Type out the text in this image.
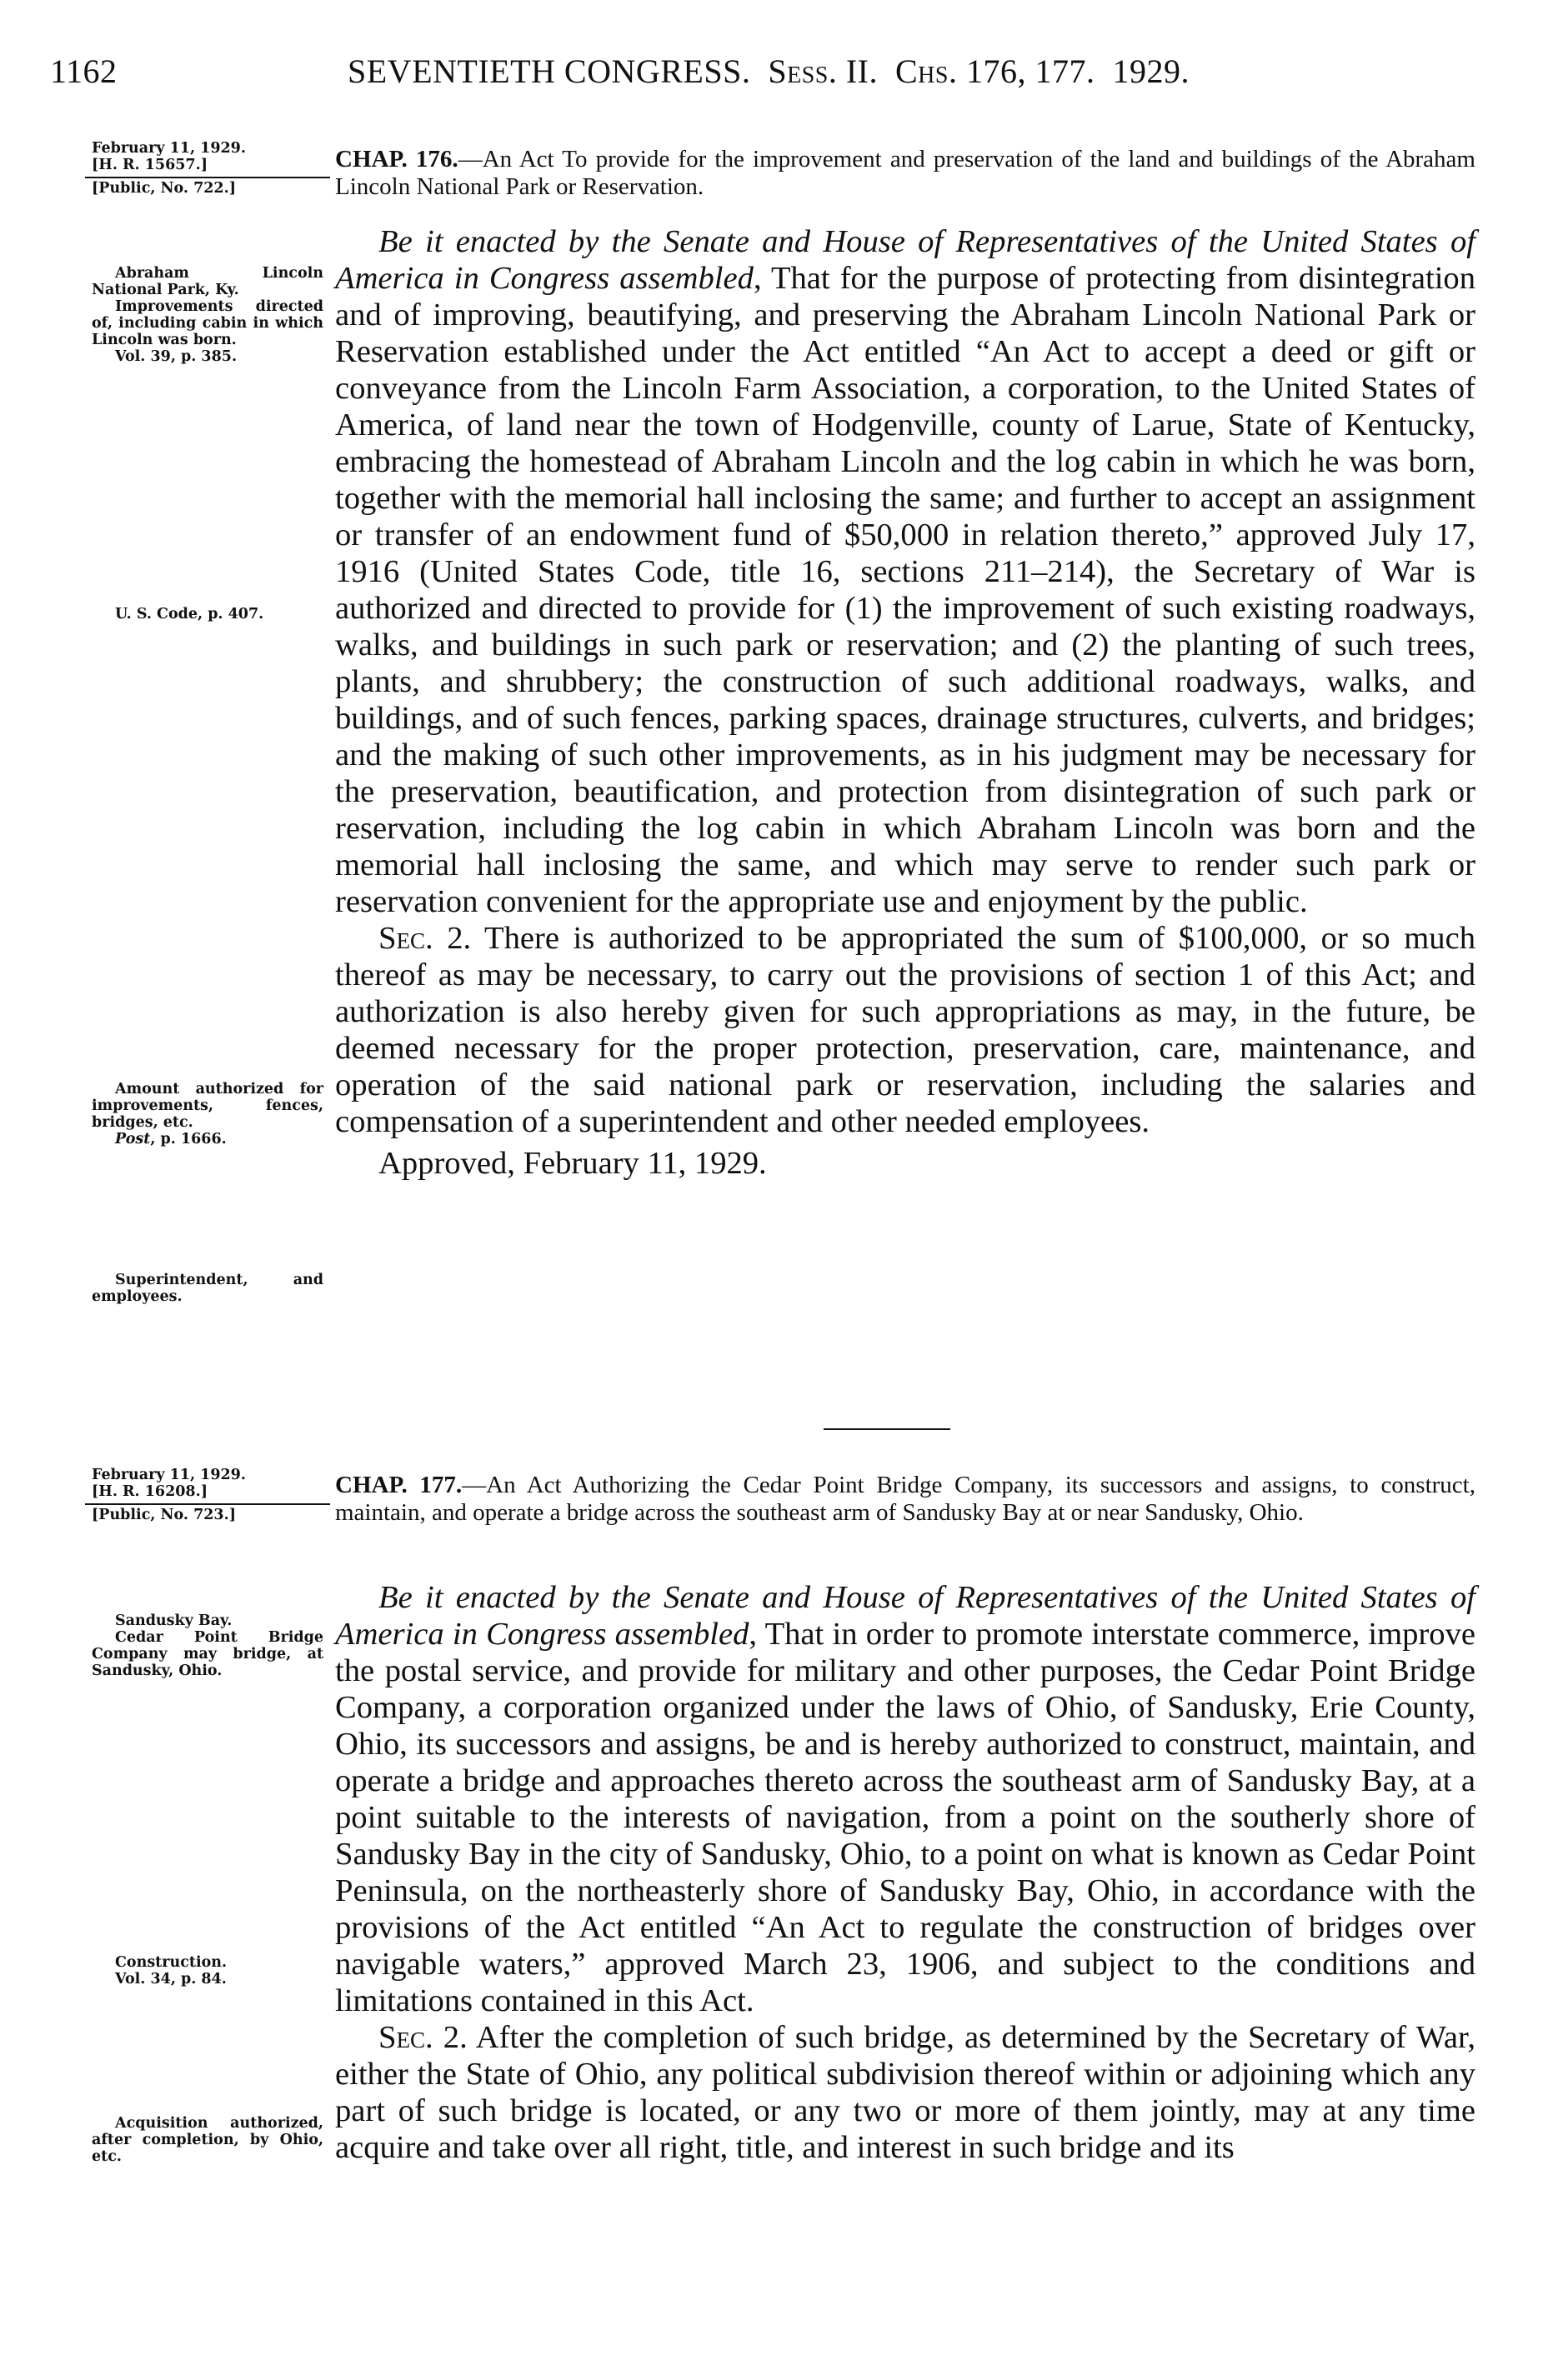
1162	SEVENTIETH CONGRESS. Sess. II. Chs. 176, 177. 1929.

February 11, 1929.

[H. R. 15657.]

[Public, No. 722.]

CHAP. 176.—An Act To provide for the improvement and preservation of the land and buildings of the Abraham Lincoln National Park or Reservation.

Abraham Lincoln National Park, Ky.

Improvements directed of, including cabin in which Lincoln was born.

Vol. 39, p. 385.

U. S. Code, p. 407.

Amount authorized for improvements, fences, bridges, etc.

Post, p. 1666.

Superintendent, and employees.

Be it enacted by the Senate and House of Representatives of the United States of America in Congress assembled, That for the purpose of protecting from disintegration and of improving, beautifying, and preserving the Abraham Lincoln National Park or Reservation established under the Act entitled “An Act to accept a deed or gift or conveyance from the Lincoln Farm Association, a corporation, to the United States of America, of land near the town of Hodgenville, county of Larue, State of Kentucky, embracing the homestead of Abraham Lincoln and the log cabin in which he was born, together with the memorial hall inclosing the same; and further to accept an assignment or transfer of an endowment fund of $50,000 in relation thereto,” approved July 17, 1916 (United States Code, title 16, sections 211–214), the Secretary of War is authorized and directed to provide for (1) the improvement of such existing roadways, walks, and buildings in such park or reservation; and (2) the planting of such trees, plants, and shrubbery; the construction of such additional roadways, walks, and buildings, and of such fences, parking spaces, drainage structures, culverts, and bridges; and the making of such other improvements, as in his judgment may be necessary for the preservation, beautification, and protection from disintegration of such park or reservation, including the log cabin in which Abraham Lincoln was born and the memorial hall inclosing the same, and which may serve to render such park or reservation convenient for the appropriate use and enjoyment by the public.

Sec. 2. There is authorized to be appropriated the sum of $100,000, or so much thereof as may be necessary, to carry out the provisions of section 1 of this Act; and authorization is also hereby given for such appropriations as may, in the future, be deemed necessary for the proper protection, preservation, care, maintenance, and operation of the said national park or reservation, including the salaries and compensation of a superintendent and other needed employees.

Approved, February 11, 1929.

February 11, 1929.

[H. R. 16208.]

[Public, No. 723.]

CHAP. 177.—An Act Authorizing the Cedar Point Bridge Company, its successors and assigns, to construct, maintain, and operate a bridge across the southeast arm of Sandusky Bay at or near Sandusky, Ohio.

Sandusky Bay.

Cedar Point Bridge Company may bridge, at Sandusky, Ohio.

Construction.

Vol. 34, p. 84.

Acquisition authorized, after completion, by Ohio, etc.

Be it enacted by the Senate and House of Representatives of the United States of America in Congress assembled, That in order to promote interstate commerce, improve the postal service, and provide for military and other purposes, the Cedar Point Bridge Company, a corporation organized under the laws of Ohio, of Sandusky, Erie County, Ohio, its successors and assigns, be and is hereby authorized to construct, maintain, and operate a bridge and approaches thereto across the southeast arm of Sandusky Bay, at a point suitable to the interests of navigation, from a point on the southerly shore of Sandusky Bay in the city of Sandusky, Ohio, to a point on what is known as Cedar Point Peninsula, on the northeasterly shore of Sandusky Bay, Ohio, in accordance with the provisions of the Act entitled “An Act to regulate the construction of bridges over navigable waters,” approved March 23, 1906, and subject to the conditions and limitations contained in this Act.

Sec. 2. After the completion of such bridge, as determined by the Secretary of War, either the State of Ohio, any political subdivision thereof within or adjoining which any part of such bridge is located, or any two or more of them jointly, may at any time acquire and take over all right, title, and interest in such bridge and its
